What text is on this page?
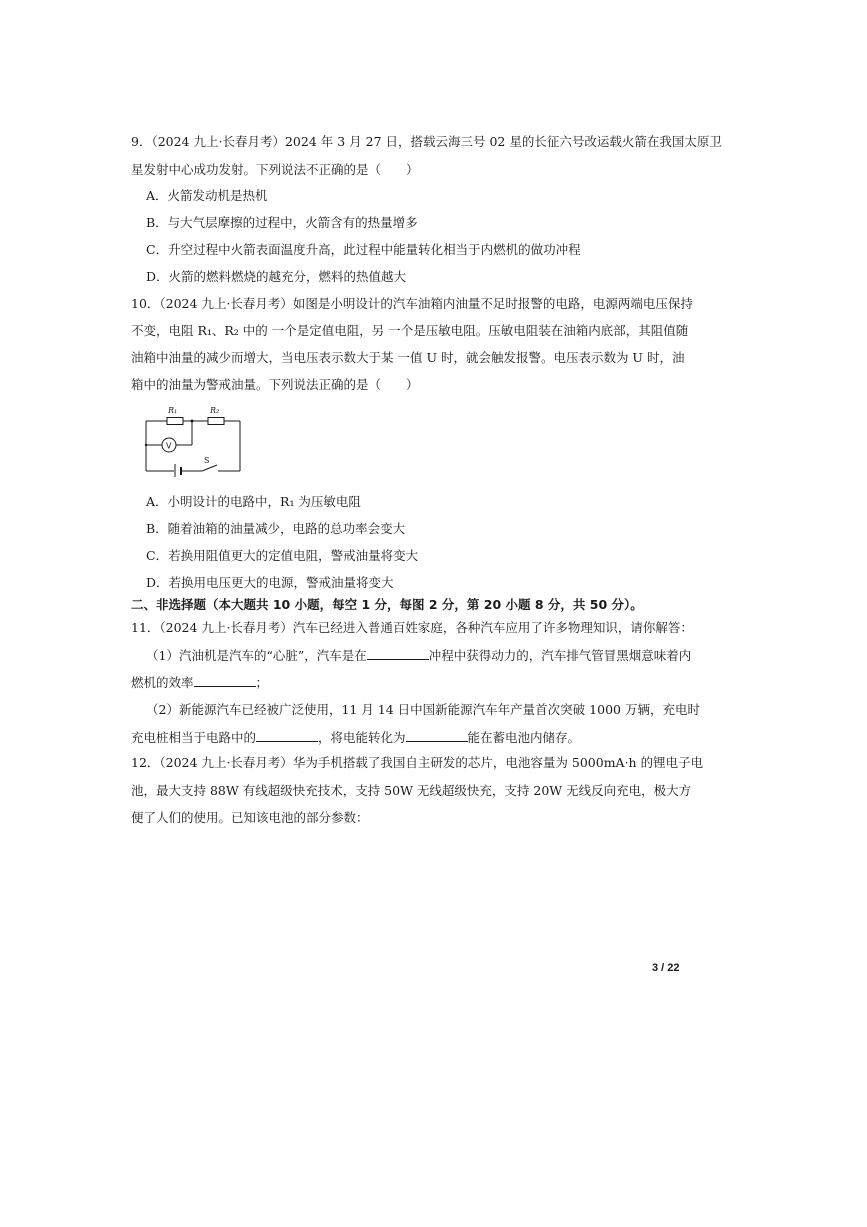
9．（2024 九上·长春月考）2024 年 3 月 27 日，搭载云海三号 02 星的长征六号改运载火箭在我国太原卫
星发射中心成功发射。下列说法不正确的是（　　）
A．火箭发动机是热机
B．与大气层摩擦的过程中，火箭含有的热量增多
C．升空过程中火箭表面温度升高，此过程中能量转化相当于内燃机的做功冲程
D．火箭的燃料燃烧的越充分，燃料的热值越大
10．（2024 九上·长春月考）如图是小明设计的汽车油箱内油量不足时报警的电路，电源两端电压保持
不变，电阻 R₁、R₂ 中的 一个是定值电阻，另 一个是压敏电阻。压敏电阻装在油箱内底部，其阻值随
油箱中油量的减少而增大，当电压表示数大于某 一值 U 时，就会触发报警。电压表示数为 U 时，油
箱中的油量为警戒油量。下列说法正确的是（　　）
R₁	R₂
V
S
A．小明设计的电路中，R₁ 为压敏电阻
B．随着油箱的油量减少，电路的总功率会变大
C．若换用阻值更大的定值电阻，警戒油量将变大
D．若换用电压更大的电源，警戒油量将变大
二、非选择题（本大题共 10 小题，每空 1 分，每图 2 分，第 20 小题 8 分，共 50 分）。
11．（2024 九上·长春月考）汽车已经进入普通百姓家庭，各种汽车应用了许多物理知识，请你解答：
（1）汽油机是汽车的“心脏”，汽车是在	冲程中获得动力的，汽车排气管冒黑烟意味着内
燃机的效率	；
（2）新能源汽车已经被广泛使用，11 月 14 日中国新能源汽车年产量首次突破 1000 万辆，充电时
充电桩相当于电路中的	，将电能转化为	能在蓄电池内储存。
12．（2024 九上·长春月考）华为手机搭载了我国自主研发的芯片，电池容量为 5000mA·h 的锂电子电
池，最大支持 88W 有线超级快充技术，支持 50W 无线超级快充，支持 20W 无线反向充电，极大方
便了人们的使用。已知该电池的部分参数：
3 / 22
